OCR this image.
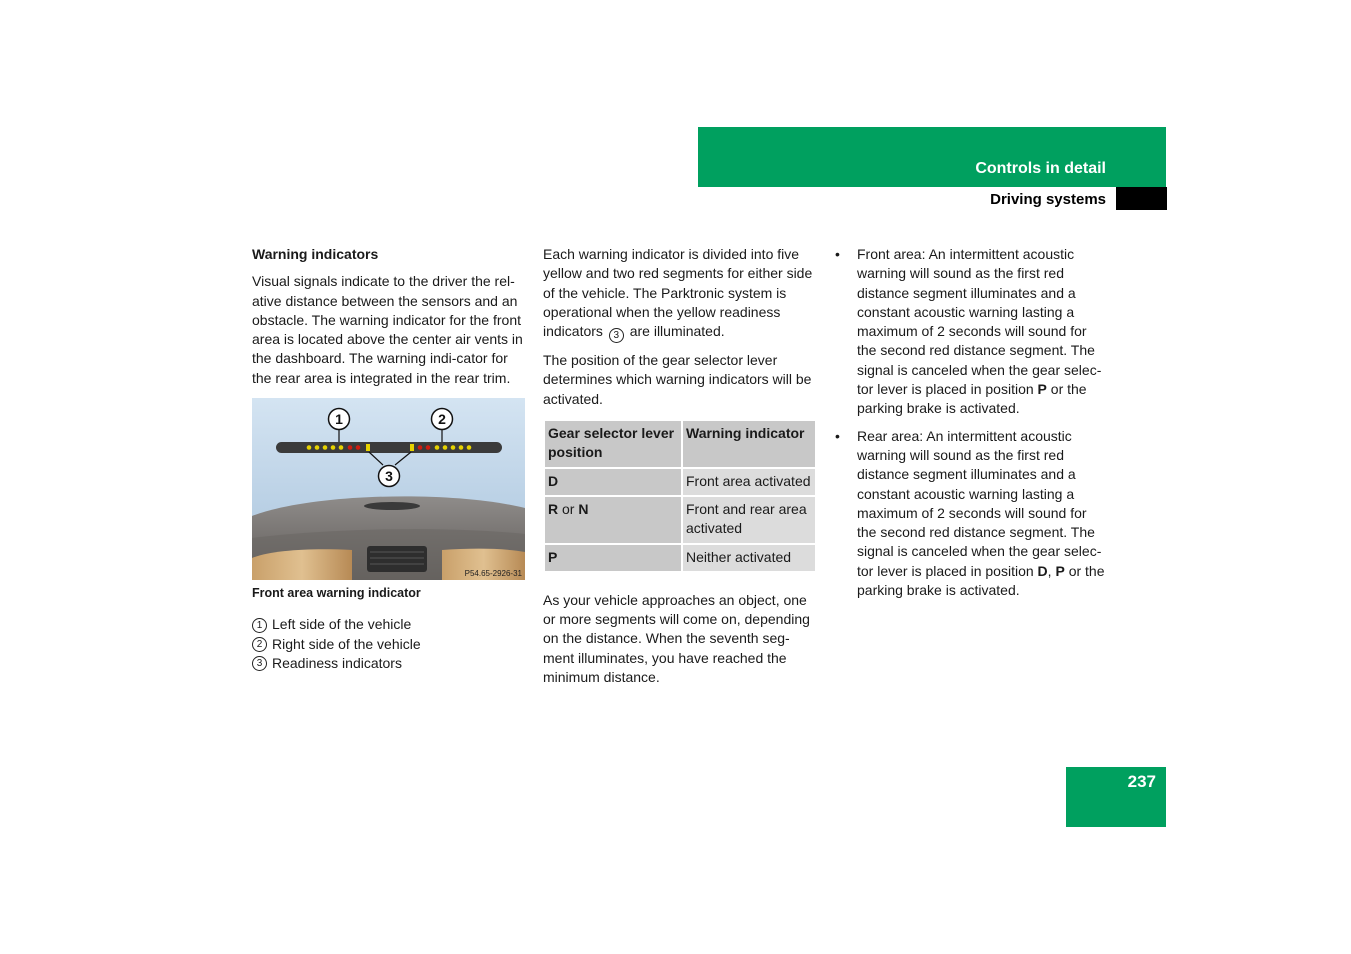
Controls in detail
Driving systems
Warning indicators

Visual signals indicate to the driver the rel-ative distance between the sensors and an obstacle. The warning indicator for the front area is located above the center air vents in the dashboard. The warning indi-cator for the rear area is integrated in the rear trim.

1	2
3
P54.65-2926-31
Front area warning indicator
1 Left side of the vehicle
2 Right side of the vehicle
3 Readiness indicators

Each warning indicator is divided into five yellow and two red segments for either side of the vehicle. The Parktronic system is operational when the yellow readiness indicators 3 are illuminated.

The position of the gear selector lever determines which warning indicators will be activated.

Gear selector lever position	Warning indicator
D	Front area activated
R or N	Front and rear area activated
P	Neither activated

As your vehicle approaches an object, one or more segments will come on, depending on the distance. When the seventh seg-ment illuminates, you have reached the minimum distance.

• Front area: An intermittent acoustic warning will sound as the first red distance segment illuminates and a constant acoustic warning lasting a maximum of 2 seconds will sound for the second red distance segment. The signal is canceled when the gear selec-tor lever is placed in position P or the parking brake is activated.
• Rear area: An intermittent acoustic warning will sound as the first red distance segment illuminates and a constant acoustic warning lasting a maximum of 2 seconds will sound for the second red distance segment. The signal is canceled when the gear selec-tor lever is placed in position D, P or the parking brake is activated.
237
